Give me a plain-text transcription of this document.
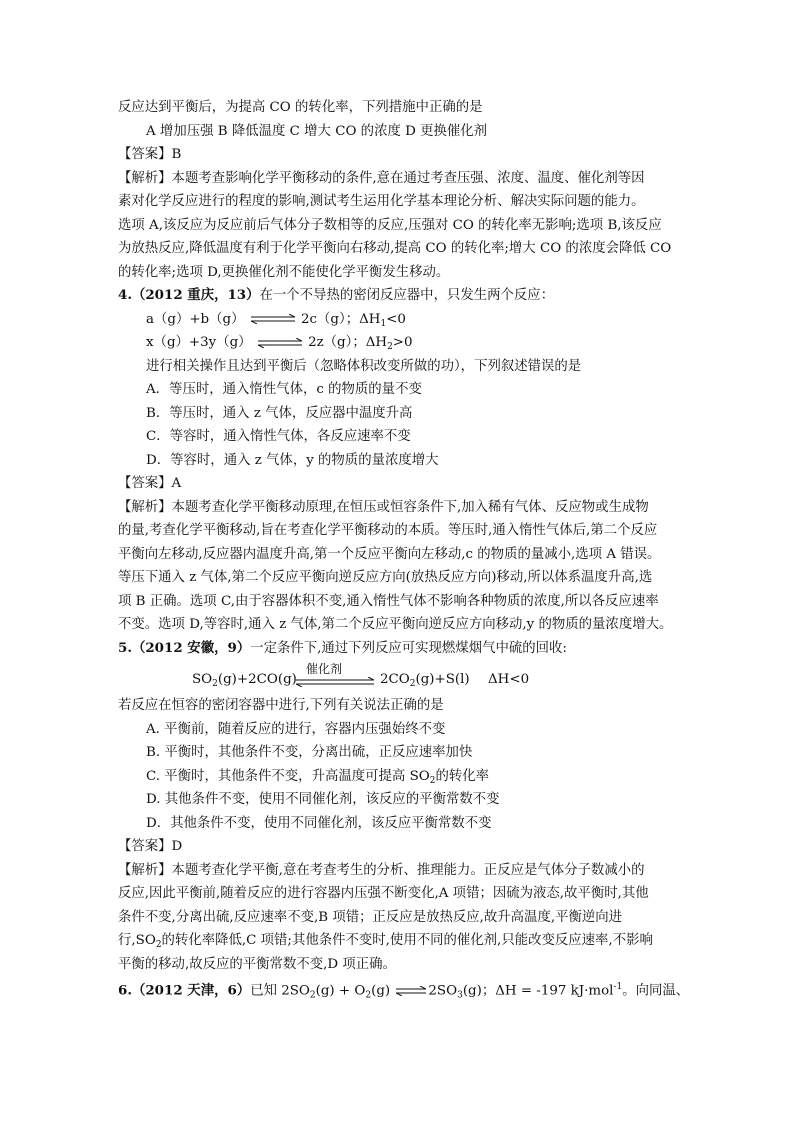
反应达到平衡后，为提高 CO 的转化率，下列措施中正确的是
A 增加压强 B 降低温度 C 增大 CO 的浓度 D 更换催化剂
【答案】B
【解析】本题考查影响化学平衡移动的条件,意在通过考查压强、浓度、温度、催化剂等因
素对化学反应进行的程度的影响,测试考生运用化学基本理论分析、解决实际问题的能力。
选项 A,该反应为反应前后气体分子数相等的反应,压强对 CO 的转化率无影响;选项 B,该反应
为放热反应,降低温度有利于化学平衡向右移动,提高 CO 的转化率;增大 CO 的浓度会降低 CO
的转化率;选项 D,更换催化剂不能使化学平衡发生移动。
4.（2012 重庆，13）在一个不导热的密闭反应器中，只发生两个反应：
a（g）+b（g） ⇌ 2c（g）；$\Delta H_1<0$
x（g）+3y（g） ⇌ 2z（g）；$\Delta H_2>0$
进行相关操作且达到平衡后（忽略体积改变所做的功），下列叙述错误的是
A．等压时，通入惰性气体，c 的物质的量不变
B．等压时，通入 z 气体，反应器中温度升高
C．等容时，通入惰性气体，各反应速率不变
D．等容时，通入 z 气体，y 的物质的量浓度增大
【答案】A
【解析】本题考查化学平衡移动原理,在恒压或恒容条件下,加入稀有气体、反应物或生成物
的量,考查化学平衡移动,旨在考查化学平衡移动的本质。等压时,通入惰性气体后,第二个反应
平衡向左移动,反应器内温度升高,第一个反应平衡向左移动,c 的物质的量减小,选项 A 错误。
等压下通入 z 气体,第二个反应平衡向逆反应方向(放热反应方向)移动,所以体系温度升高,选
项 B 正确。选项 C,由于容器体积不变,通入惰性气体不影响各种物质的浓度,所以各反应速率
不变。选项 D,等容时,通入 z 气体,第二个反应平衡向逆反应方向移动,y 的物质的量浓度增大。
5.（2012 安徽，9）一定条件下,通过下列反应可实现燃煤烟气中硫的回收:
$SO_2(g)+2CO(g)$
催化剂
$2CO_2(g)+S(l)$ ΔH<0
若反应在恒容的密闭容器中进行,下列有关说法正确的是
A. 平衡前，随着反应的进行，容器内压强始终不变
B. 平衡时，其他条件不变，分离出硫，正反应速率加快
C. 平衡时，其他条件不变，升高温度可提高 $SO_2$的转化率
D. 其他条件不变，使用不同催化剂，该反应的平衡常数不变
D．其他条件不变，使用不同催化剂，该反应平衡常数不变
【答案】D
【解析】本题考查化学平衡,意在考查考生的分析、推理能力。正反应是气体分子数减小的
反应,因此平衡前,随着反应的进行容器内压强不断变化,A 项错；因硫为液态,故平衡时,其他
条件不变,分离出硫,反应速率不变,B 项错；正反应是放热反应,故升高温度,平衡逆向进
行$,SO_2$的转化率降低,C 项错;其他条件不变时,使用不同的催化剂,只能改变反应速率,不影响
平衡的移动,故反应的平衡常数不变,D 项正确。
6.（2012 天津，6）已知 $2SO_2(g) + O_2(g)$ ⇌ $2SO_3(g)$；ΔH = -197 kJ·mol$^{-1}$。向同温、
